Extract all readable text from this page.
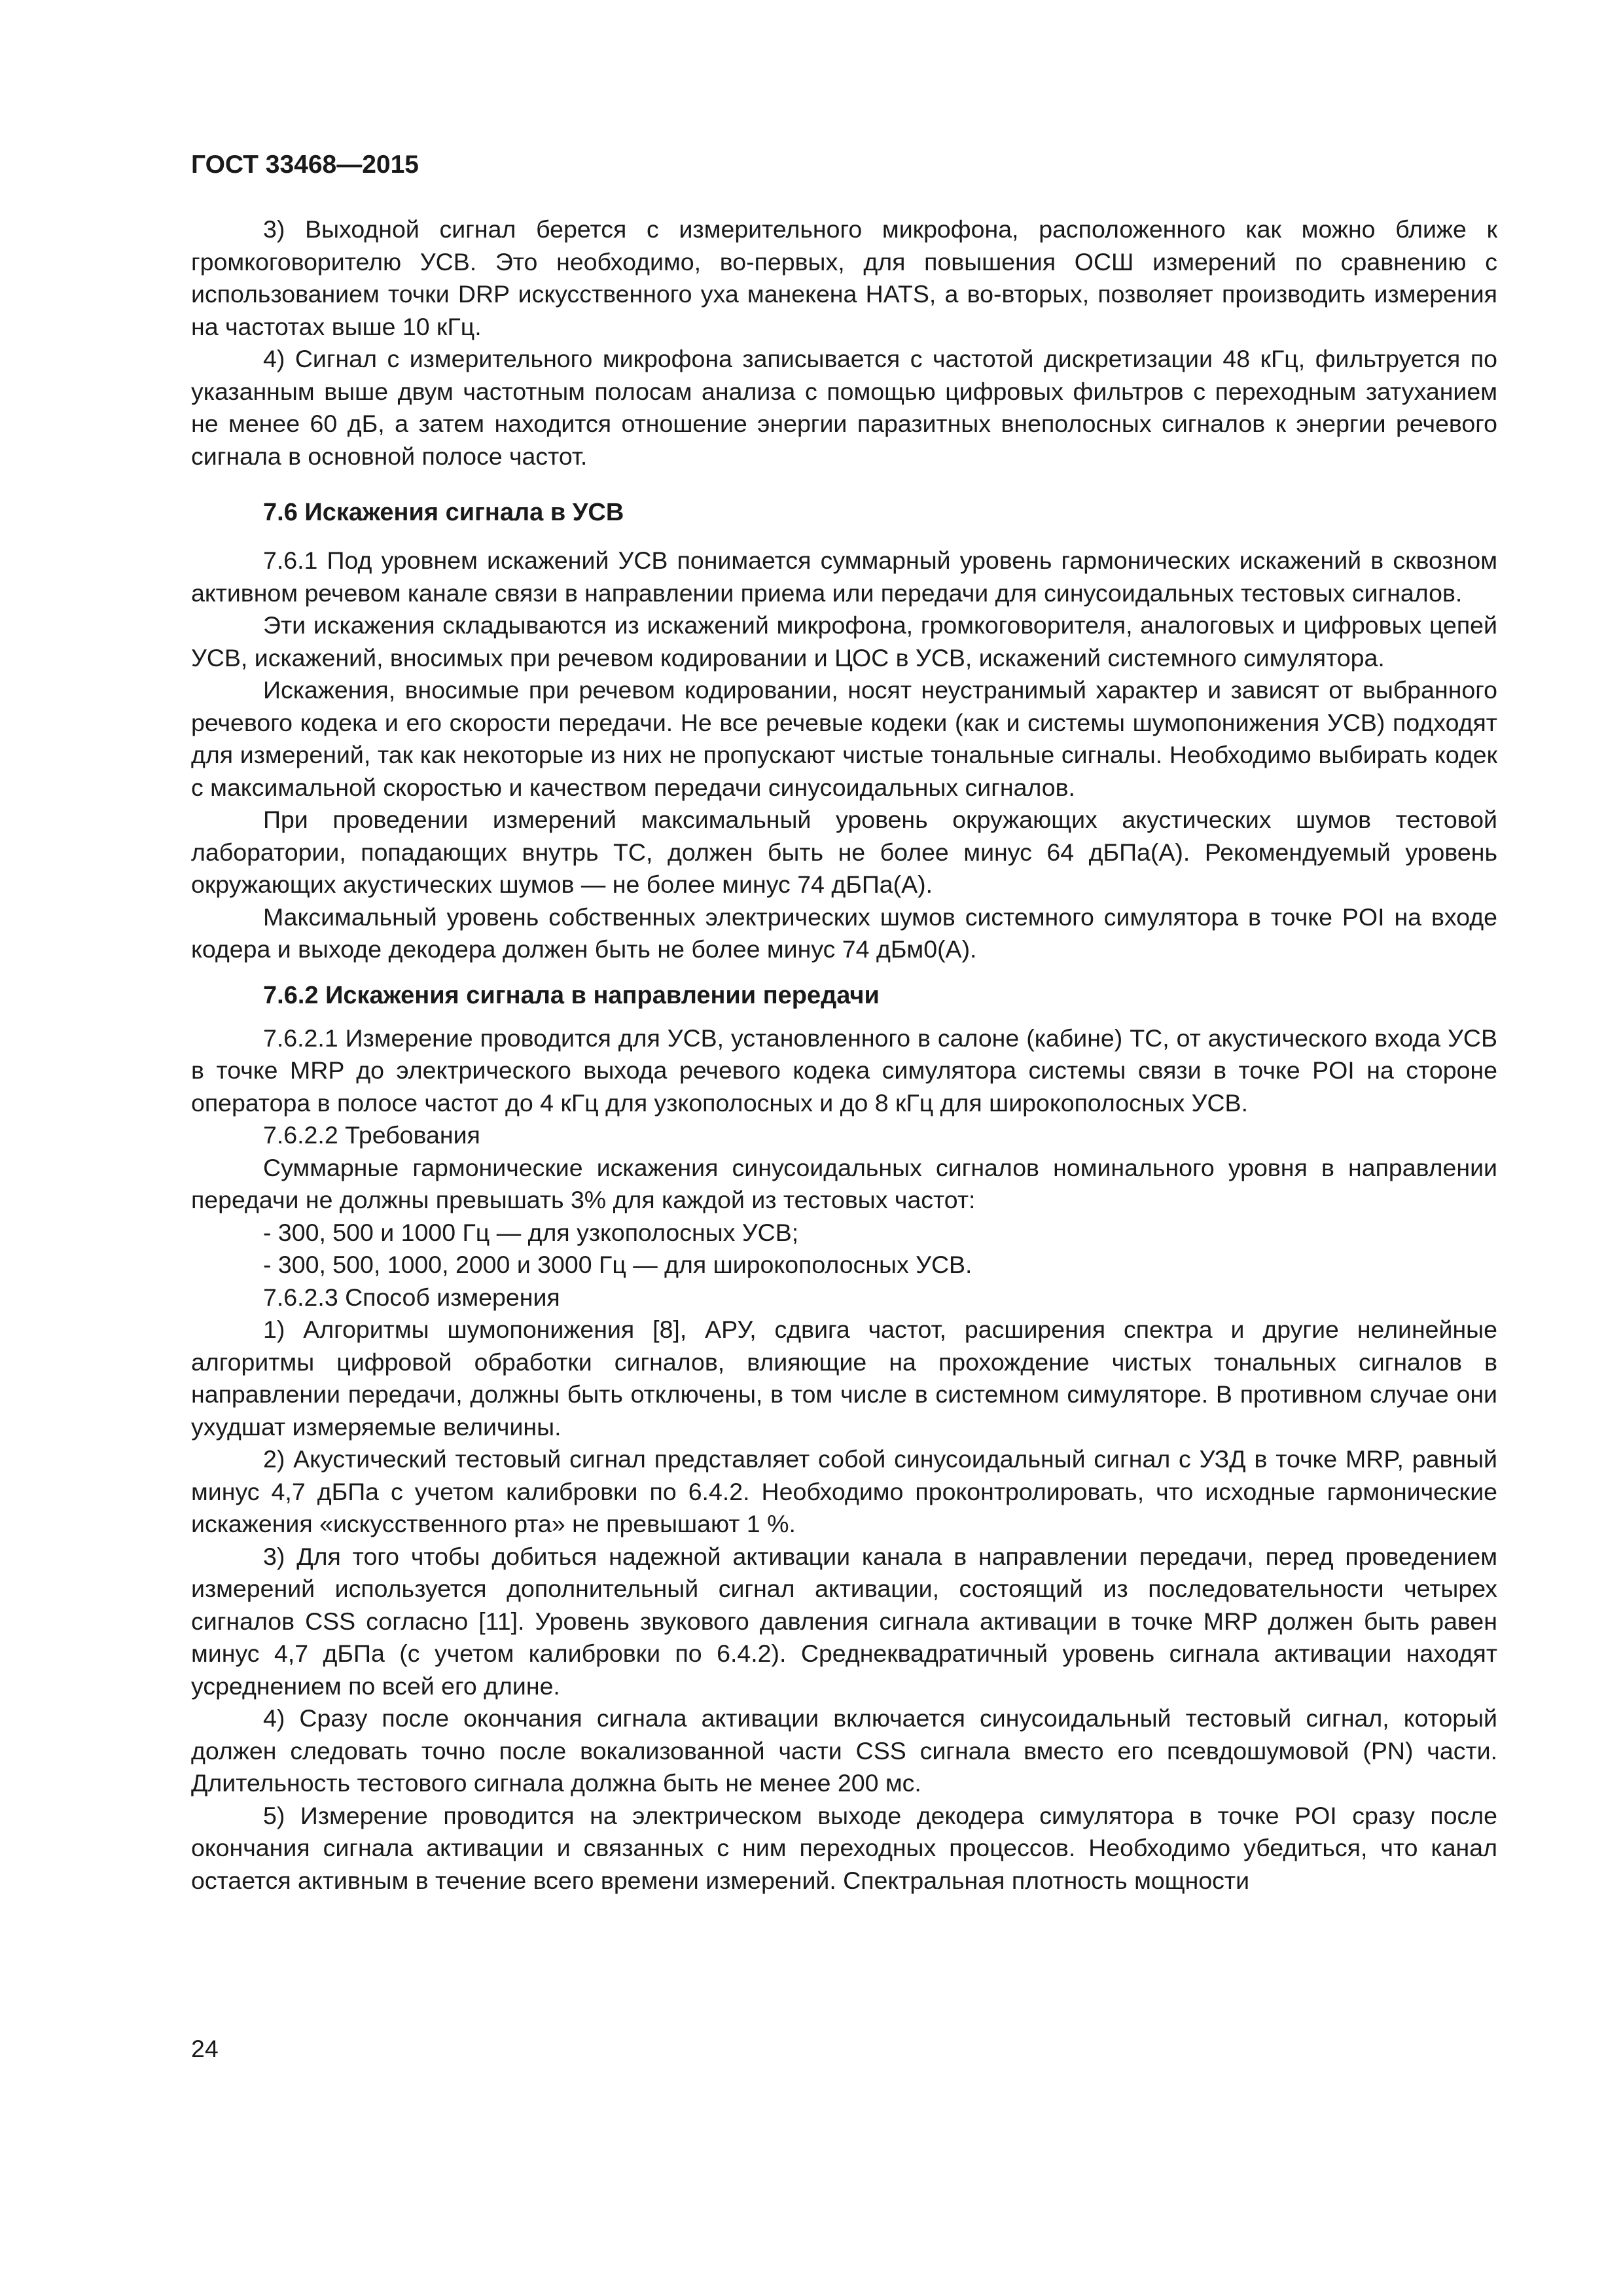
ГОСТ 33468—2015

3) Выходной сигнал берется с измерительного микрофона, расположенного как можно ближе к громкоговорителю УСВ. Это необходимо, во-первых, для повышения ОСШ измерений по сравнению с использованием точки DRP искусственного уха манекена HATS, а во-вторых, позволяет производить измерения на частотах выше 10 кГц.

4) Сигнал с измерительного микрофона записывается с частотой дискретизации 48 кГц, фильтруется по указанным выше двум частотным полосам анализа с помощью цифровых фильтров с переходным затуханием не менее 60 дБ, а затем находится отношение энергии паразитных внеполосных сигналов к энергии речевого сигнала в основной полосе частот.

7.6 Искажения сигнала в УСВ

7.6.1 Под уровнем искажений УСВ понимается суммарный уровень гармонических искажений в сквозном активном речевом канале связи в направлении приема или передачи для синусоидальных тестовых сигналов.

Эти искажения складываются из искажений микрофона, громкоговорителя, аналоговых и цифровых цепей УСВ, искажений, вносимых при речевом кодировании и ЦОС в УСВ, искажений системного симулятора.

Искажения, вносимые при речевом кодировании, носят неустранимый характер и зависят от выбранного речевого кодека и его скорости передачи. Не все речевые кодеки (как и системы шумопонижения УСВ) подходят для измерений, так как некоторые из них не пропускают чистые тональные сигналы. Необходимо выбирать кодек с максимальной скоростью и качеством передачи синусоидальных сигналов.

При проведении измерений максимальный уровень окружающих акустических шумов тестовой лаборатории, попадающих внутрь ТС, должен быть не более минус 64 дБПа(А). Рекомендуемый уровень окружающих акустических шумов — не более минус 74 дБПа(А).

Максимальный уровень собственных электрических шумов системного симулятора в точке POI на входе кодера и выходе декодера должен быть не более минус 74 дБм0(А).

7.6.2 Искажения сигнала в направлении передачи

7.6.2.1 Измерение проводится для УСВ, установленного в салоне (кабине) ТС, от акустического входа УСВ в точке MRP до электрического выхода речевого кодека симулятора системы связи в точке POI на стороне оператора в полосе частот до 4 кГц для узкополосных и до 8 кГц для широкополосных УСВ.

7.6.2.2 Требования

Суммарные гармонические искажения синусоидальных сигналов номинального уровня в направлении передачи не должны превышать 3% для каждой из тестовых частот:

- 300, 500 и 1000 Гц — для узкополосных УСВ;

- 300, 500, 1000, 2000 и 3000 Гц — для широкополосных УСВ.

7.6.2.3 Способ измерения

1) Алгоритмы шумопонижения [8], АРУ, сдвига частот, расширения спектра и другие нелинейные алгоритмы цифровой обработки сигналов, влияющие на прохождение чистых тональных сигналов в направлении передачи, должны быть отключены, в том числе в системном симуляторе. В противном случае они ухудшат измеряемые величины.

2) Акустический тестовый сигнал представляет собой синусоидальный сигнал с УЗД в точке MRP, равный минус 4,7 дБПа с учетом калибровки по 6.4.2. Необходимо проконтролировать, что исходные гармонические искажения «искусственного рта» не превышают 1 %.

3) Для того чтобы добиться надежной активации канала в направлении передачи, перед проведением измерений используется дополнительный сигнал активации, состоящий из последовательности четырех сигналов CSS согласно [11]. Уровень звукового давления сигнала активации в точке MRP должен быть равен минус 4,7 дБПа (с учетом калибровки по 6.4.2). Среднеквадратичный уровень сигнала активации находят усреднением по всей его длине.

4) Сразу после окончания сигнала активации включается синусоидальный тестовый сигнал, который должен следовать точно после вокализованной части CSS сигнала вместо его псевдошумовой (PN) части. Длительность тестового сигнала должна быть не менее 200 мс.

5) Измерение проводится на электрическом выходе декодера симулятора в точке POI сразу после окончания сигнала активации и связанных с ним переходных процессов. Необходимо убедиться, что канал остается активным в течение всего времени измерений. Спектральная плотность мощности

24
